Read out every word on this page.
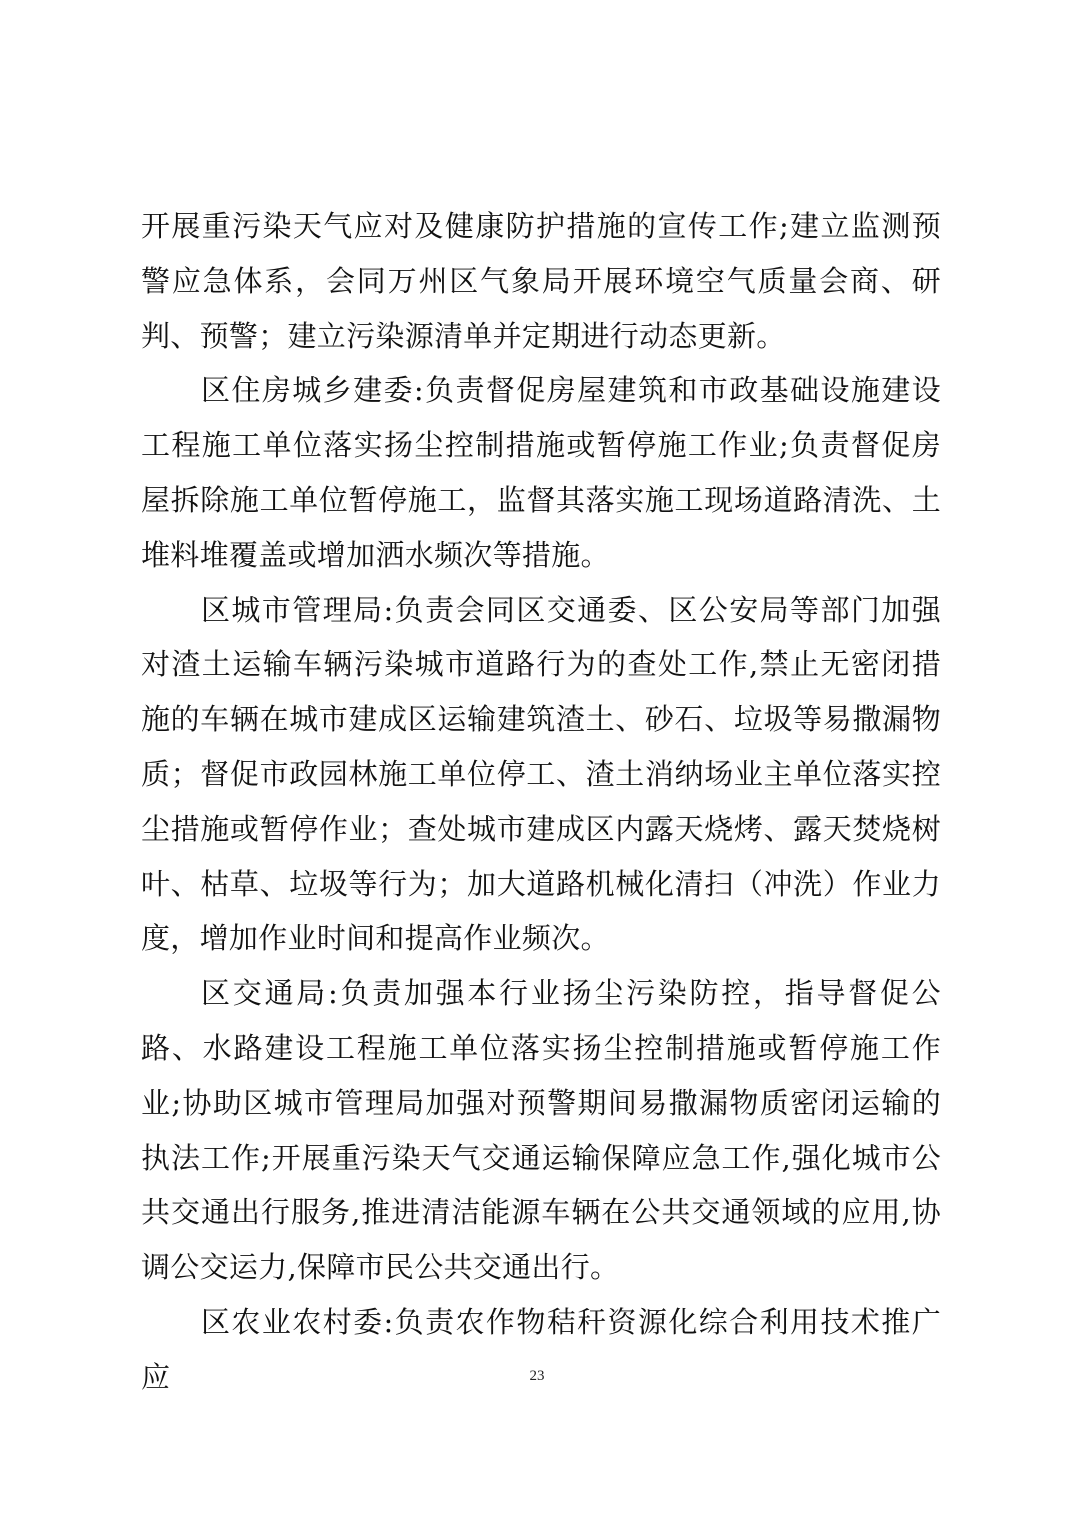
开展重污染天气应对及健康防护措施的宣传工作;建立监测预警应急体系，会同万州区气象局开展环境空气质量会商、研判、预警；建立污染源清单并定期进行动态更新。

区住房城乡建委:负责督促房屋建筑和市政基础设施建设工程施工单位落实扬尘控制措施或暂停施工作业;负责督促房屋拆除施工单位暂停施工，监督其落实施工现场道路清洗、土堆料堆覆盖或增加洒水频次等措施。

区城市管理局:负责会同区交通委、区公安局等部门加强对渣土运输车辆污染城市道路行为的查处工作,禁止无密闭措施的车辆在城市建成区运输建筑渣土、砂石、垃圾等易撒漏物质；督促市政园林施工单位停工、渣土消纳场业主单位落实控尘措施或暂停作业；查处城市建成区内露天烧烤、露天焚烧树叶、枯草、垃圾等行为；加大道路机械化清扫（冲洗）作业力度，增加作业时间和提高作业频次。

区交通局:负责加强本行业扬尘污染防控，指导督促公路、水路建设工程施工单位落实扬尘控制措施或暂停施工作业;协助区城市管理局加强对预警期间易撒漏物质密闭运输的执法工作;开展重污染天气交通运输保障应急工作,强化城市公共交通出行服务,推进清洁能源车辆在公共交通领域的应用,协调公交运力,保障市民公共交通出行。

区农业农村委:负责农作物秸秆资源化综合利用技术推广应	23
